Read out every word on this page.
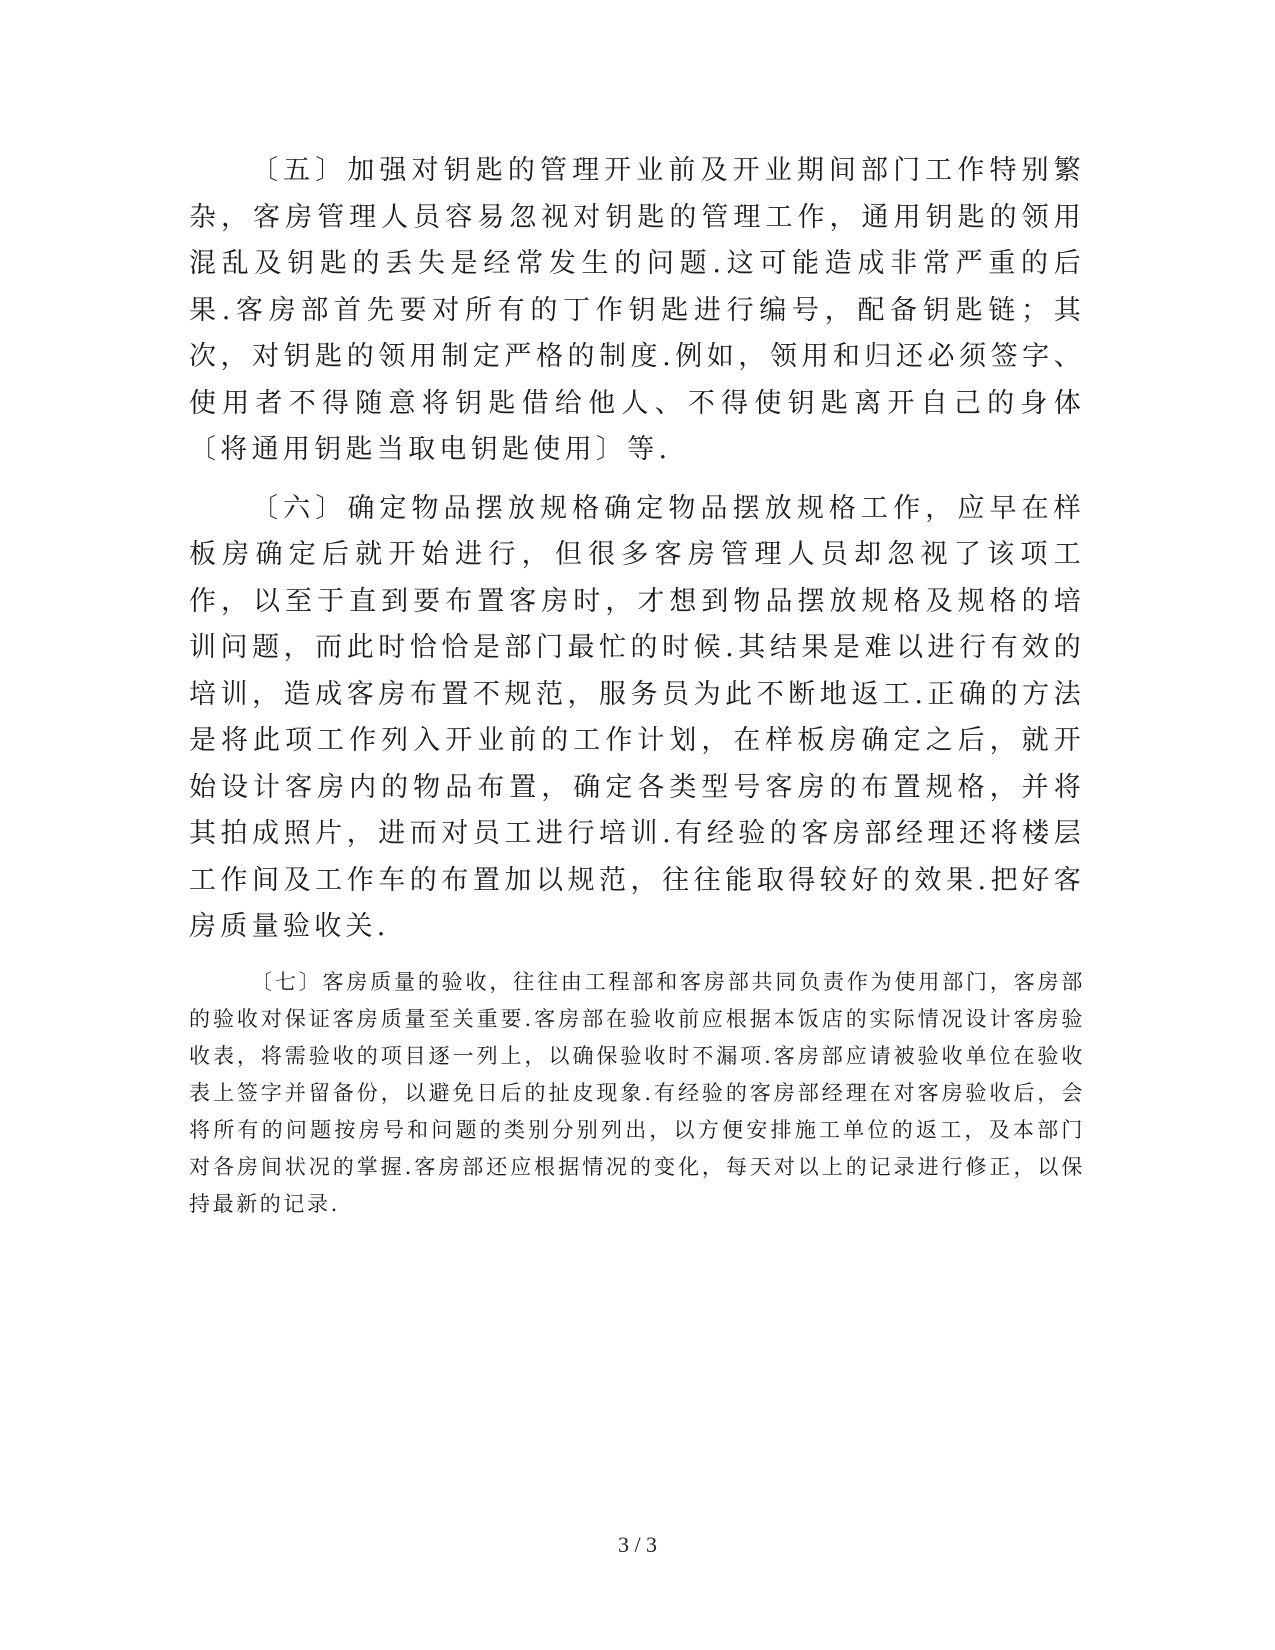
〔五〕加强对钥匙的管理开业前及开业期间部门工作特别繁杂，客房管理人员容易忽视对钥匙的管理工作，通用钥匙的领用混乱及钥匙的丢失是经常发生的问题.这可能造成非常严重的后果.客房部首先要对所有的丁作钥匙进行编号，配备钥匙链；其次，对钥匙的领用制定严格的制度.例如，领用和归还必须签字、使用者不得随意将钥匙借给他人、不得使钥匙离开自己的身体〔将通用钥匙当取电钥匙使用〕等.

〔六〕确定物品摆放规格确定物品摆放规格工作，应早在样板房确定后就开始进行，但很多客房管理人员却忽视了该项工作，以至于直到要布置客房时，才想到物品摆放规格及规格的培训问题，而此时恰恰是部门最忙的时候.其结果是难以进行有效的培训，造成客房布置不规范，服务员为此不断地返工.正确的方法是将此项工作列入开业前的工作计划，在样板房确定之后，就开始设计客房内的物品布置，确定各类型号客房的布置规格，并将其拍成照片，进而对员工进行培训.有经验的客房部经理还将楼层工作间及工作车的布置加以规范，往往能取得较好的效果.把好客房质量验收关.

〔七〕客房质量的验收，往往由工程部和客房部共同负责作为使用部门，客房部的验收对保证客房质量至关重要.客房部在验收前应根据本饭店的实际情况设计客房验收表，将需验收的项目逐一列上，以确保验收时不漏项.客房部应请被验收单位在验收表上签字并留备份，以避免日后的扯皮现象.有经验的客房部经理在对客房验收后，会将所有的问题按房号和问题的类别分别列出，以方便安排施工单位的返工，及本部门对各房间状况的掌握.客房部还应根据情况的变化，每天对以上的记录进行修正，以保持最新的记录.

3 / 3
